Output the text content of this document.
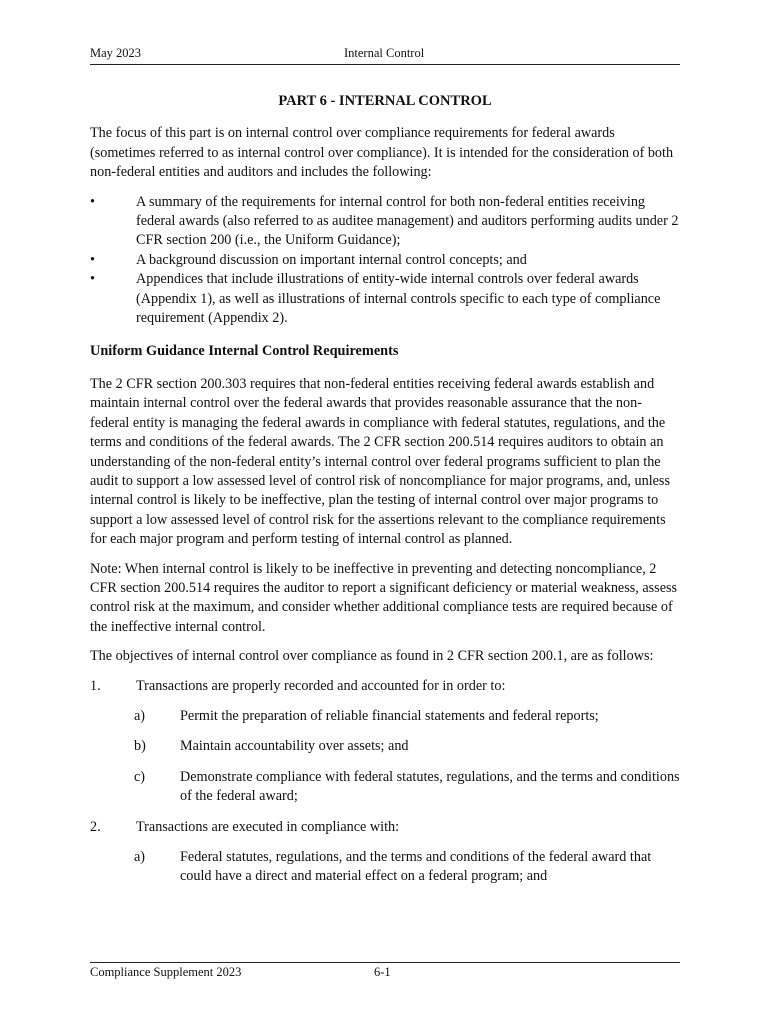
May 2023	Internal Control
PART 6 - INTERNAL CONTROL

The focus of this part is on internal control over compliance requirements for federal awards (sometimes referred to as internal control over compliance). It is intended for the consideration of both non-federal entities and auditors and includes the following:

•	A summary of the requirements for internal control for both non-federal entities receiving federal awards (also referred to as auditee management) and auditors performing audits under 2 CFR section 200 (i.e., the Uniform Guidance);
•	A background discussion on important internal control concepts; and
•	Appendices that include illustrations of entity-wide internal controls over federal awards (Appendix 1), as well as illustrations of internal controls specific to each type of compliance requirement (Appendix 2).
Uniform Guidance Internal Control Requirements

The 2 CFR section 200.303 requires that non-federal entities receiving federal awards establish and maintain internal control over the federal awards that provides reasonable assurance that the non-federal entity is managing the federal awards in compliance with federal statutes, regulations, and the terms and conditions of the federal awards. The 2 CFR section 200.514 requires auditors to obtain an understanding of the non-federal entity’s internal control over federal programs sufficient to plan the audit to support a low assessed level of control risk of noncompliance for major programs, and, unless internal control is likely to be ineffective, plan the testing of internal control over major programs to support a low assessed level of control risk for the assertions relevant to the compliance requirements for each major program and perform testing of internal control as planned.

Note: When internal control is likely to be ineffective in preventing and detecting noncompliance, 2 CFR section 200.514 requires the auditor to report a significant deficiency or material weakness, assess control risk at the maximum, and consider whether additional compliance tests are required because of the ineffective internal control.

The objectives of internal control over compliance as found in 2 CFR section 200.1, are as follows:

1. Transactions are properly recorded and accounted for in order to:
a) Permit the preparation of reliable financial statements and federal reports;
b) Maintain accountability over assets; and
c) Demonstrate compliance with federal statutes, regulations, and the terms and conditions of the federal award;
2. Transactions are executed in compliance with:
a) Federal statutes, regulations, and the terms and conditions of the federal award that could have a direct and material effect on a federal program; and
Compliance Supplement 2023	6-1
